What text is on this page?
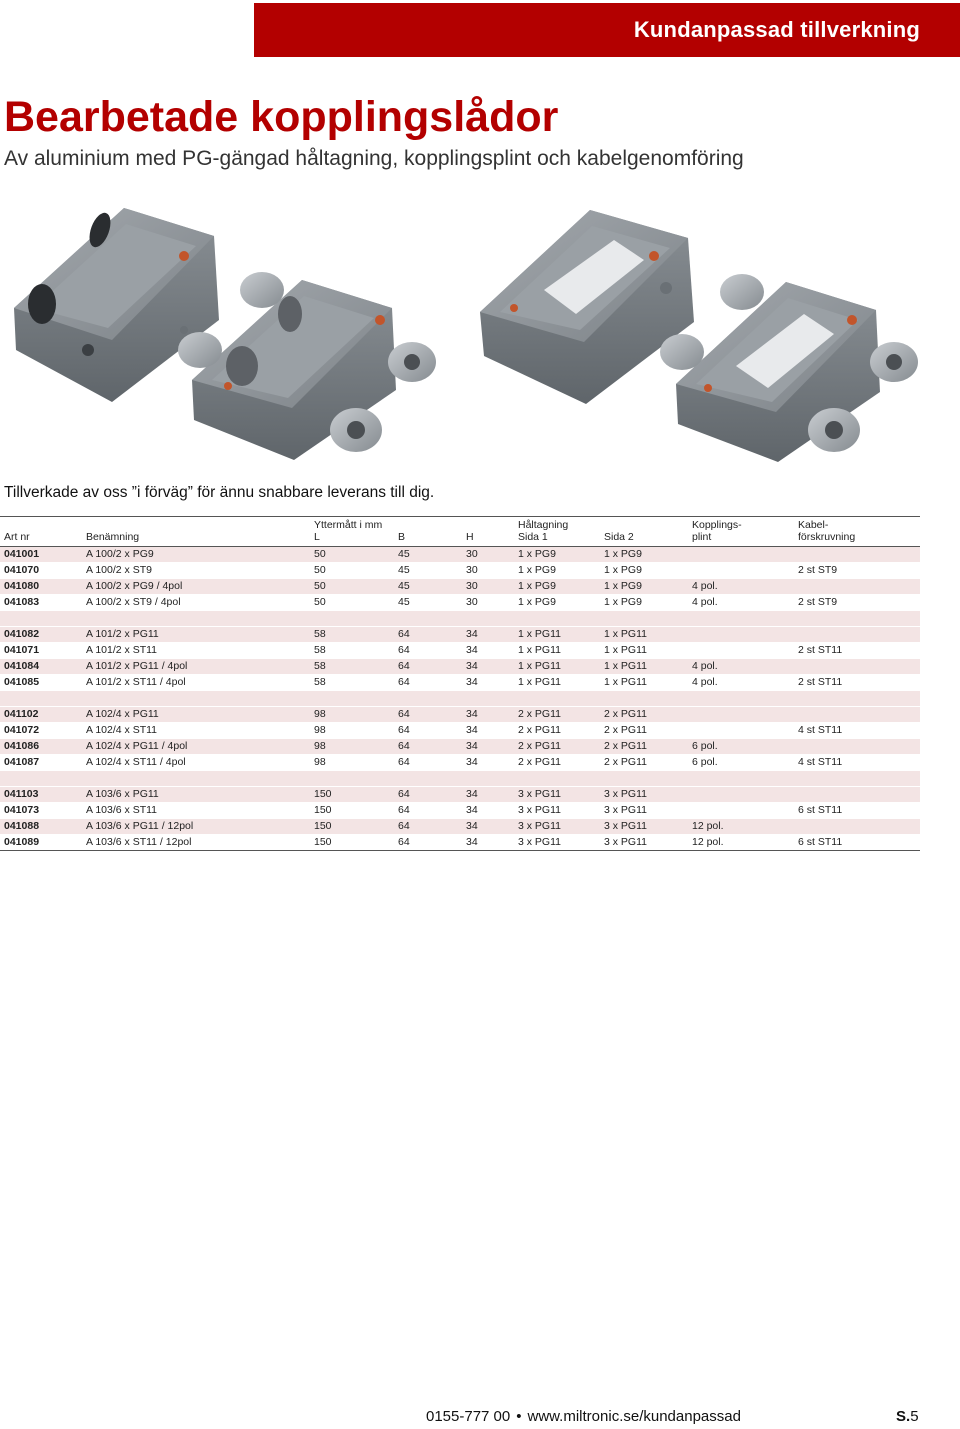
Kundanpassad tillverkning
Bearbetade kopplingslådor

Av aluminium med PG-gängad håltagning, kopplingsplint och kabelgenomföring

Tillverkade av oss ”i förväg” för ännu snabbare leverans till dig.

		Yttermått i mm			Håltagning		Kopplings-	Kabel-
Art nr	Benämning	L	B	H	Sida 1	Sida 2	plint	förskruvning
041001	A 100/2 x PG9	50	45	30	1 x PG9	1 x PG9		
041070	A 100/2 x ST9	50	45	30	1 x PG9	1 x PG9		2 st ST9
041080	A 100/2 x PG9 / 4pol	50	45	30	1 x PG9	1 x PG9	4 pol.	
041083	A 100/2 x ST9 / 4pol	50	45	30	1 x PG9	1 x PG9	4 pol.	2 st ST9

041082	A 101/2 x PG11	58	64	34	1 x PG11	1 x PG11		
041071	A 101/2 x ST11	58	64	34	1 x PG11	1 x PG11		2 st ST11
041084	A 101/2 x PG11 / 4pol	58	64	34	1 x PG11	1 x PG11	4 pol.	
041085	A 101/2 x ST11 / 4pol	58	64	34	1 x PG11	1 x PG11	4 pol.	2 st ST11

041102	A 102/4 x PG11	98	64	34	2 x PG11	2 x PG11		
041072	A 102/4 x ST11	98	64	34	2 x PG11	2 x PG11		4 st ST11
041086	A 102/4 x PG11 / 4pol	98	64	34	2 x PG11	2 x PG11	6 pol.	
041087	A 102/4 x ST11 / 4pol	98	64	34	2 x PG11	2 x PG11	6 pol.	4 st ST11

041103	A 103/6 x PG11	150	64	34	3 x PG11	3 x PG11		
041073	A 103/6 x ST11	150	64	34	3 x PG11	3 x PG11		6 st ST11
041088	A 103/6 x PG11 / 12pol	150	64	34	3 x PG11	3 x PG11	12 pol.	
041089	A 103/6 x ST11 / 12pol	150	64	34	3 x PG11	3 x PG11	12 pol.	6 st ST11
0155-777 00 • www.miltronic.se/kundanpassad	S.5
